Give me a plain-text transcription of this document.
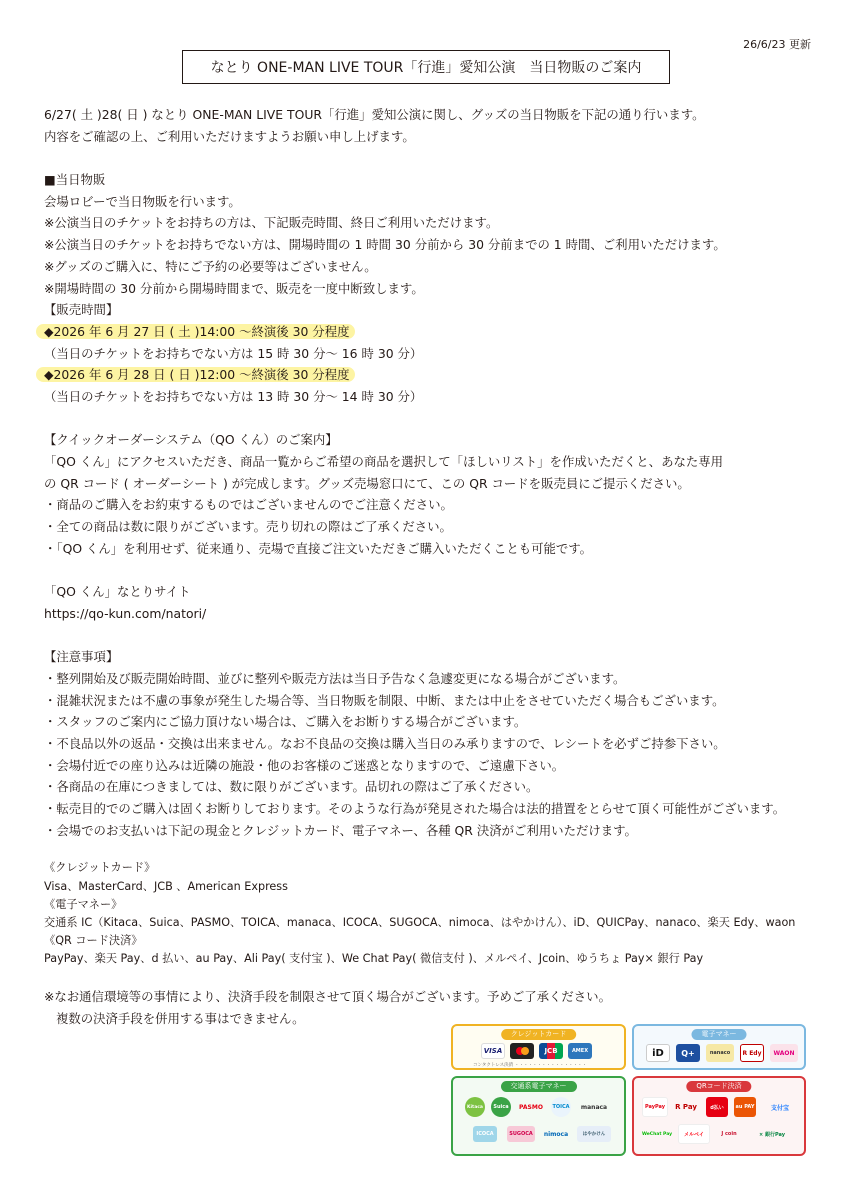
26/6/23 更新
なとり ONE-MAN LIVE TOUR「行進」愛知公演　当日物販のご案内
6/27( 土 )28( 日 ) なとり ONE-MAN LIVE TOUR「行進」愛知公演に関し、グッズの当日物販を下記の通り行います。
内容をご確認の上、ご利用いただけますようお願い申し上げます。
■当日物販
会場ロビーで当日物販を行います。
※公演当日のチケットをお持ちの方は、下記販売時間、終日ご利用いただけます。
※公演当日のチケットをお持ちでない方は、開場時間の 1 時間 30 分前から 30 分前までの 1 時間、ご利用いただけます。
※グッズのご購入に、特にご予約の必要等はございません。
※開場時間の 30 分前から開場時間まで、販売を一度中断致します。
【販売時間】
◆2026 年 6 月 27 日 ( 土 )14:00 〜終演後 30 分程度
（当日のチケットをお持ちでない方は 15 時 30 分〜 16 時 30 分）
◆2026 年 6 月 28 日 ( 日 )12:00 〜終演後 30 分程度
（当日のチケットをお持ちでない方は 13 時 30 分〜 14 時 30 分）
【クイックオーダーシステム（QO くん）のご案内】
「QO くん」にアクセスいただき、商品一覧からご希望の商品を選択して「ほしいリスト」を作成いただくと、あなた専用
の QR コード ( オーダーシート ) が完成します。グッズ売場窓口にて、この QR コードを販売員にご提示ください。
・商品のご購入をお約束するものではございませんのでご注意ください。
・全ての商品は数に限りがございます。売り切れの際はご了承ください。
・「QO くん」を利用せず、従来通り、売場で直接ご注文いただきご購入いただくことも可能です。
「QO くん」なとりサイト
https://qo-kun.com/natori/
【注意事項】
・整列開始及び販売開始時間、並びに整列や販売方法は当日予告なく急遽変更になる場合がございます。
・混雑状況または不慮の事象が発生した場合等、当日物販を制限、中断、または中止をさせていただく場合もございます。
・スタッフのご案内にご協力頂けない場合は、ご購入をお断りする場合がございます。
・不良品以外の返品・交換は出来ません。なお不良品の交換は購入当日のみ承りますので、レシートを必ずご持参下さい。
・会場付近での座り込みは近隣の施設・他のお客様のご迷惑となりますので、ご遠慮下さい。
・各商品の在庫につきましては、数に限りがございます。品切れの際はご了承ください。
・転売目的でのご購入は固くお断りしております。そのような行為が発見された場合は法的措置をとらせて頂く可能性がございます。
・会場でのお支払いは下記の現金とクレジットカード、電子マネー、各種 QR 決済がご利用いただけます。
《クレジットカード》
Visa、MasterCard、JCB 、American Express
《電子マネー》
交通系 IC（Kitaca、Suica、PASMO、TOICA、manaca、ICOCA、SUGOCA、nimoca、はやかけん）、iD、QUICPay、nanaco、楽天 Edy、waon
《QR コード決済》
PayPay、楽天 Pay、d 払い、au Pay、Ali Pay( 支付宝 )、We Chat Pay( 微信支付 )、メルペイ、Jcoin、ゆうちょ Pay× 銀行 Pay
※なお通信環境等の事情により、決済手段を制限させて頂く場合がございます。予めご了承ください。
複数の決済手段を併用する事はできません。
クレジットカード
VISA	JCB	AMEX
コンタクトレス決済 ・・・・・・・・・・・・・・・・
電子マネー
iD	Q+	nanaco	R Edy	WAON
交通系電子マネー
Kitaca	Suica	PASMO	TOICA	manaca
ICOCA	SUGOCA	nimoca	はやかけん
QRコード決済
PayPay	R Pay	d払い	au PAY	支付宝
WeChat Pay	メルペイ	J coin	× 銀行Pay
